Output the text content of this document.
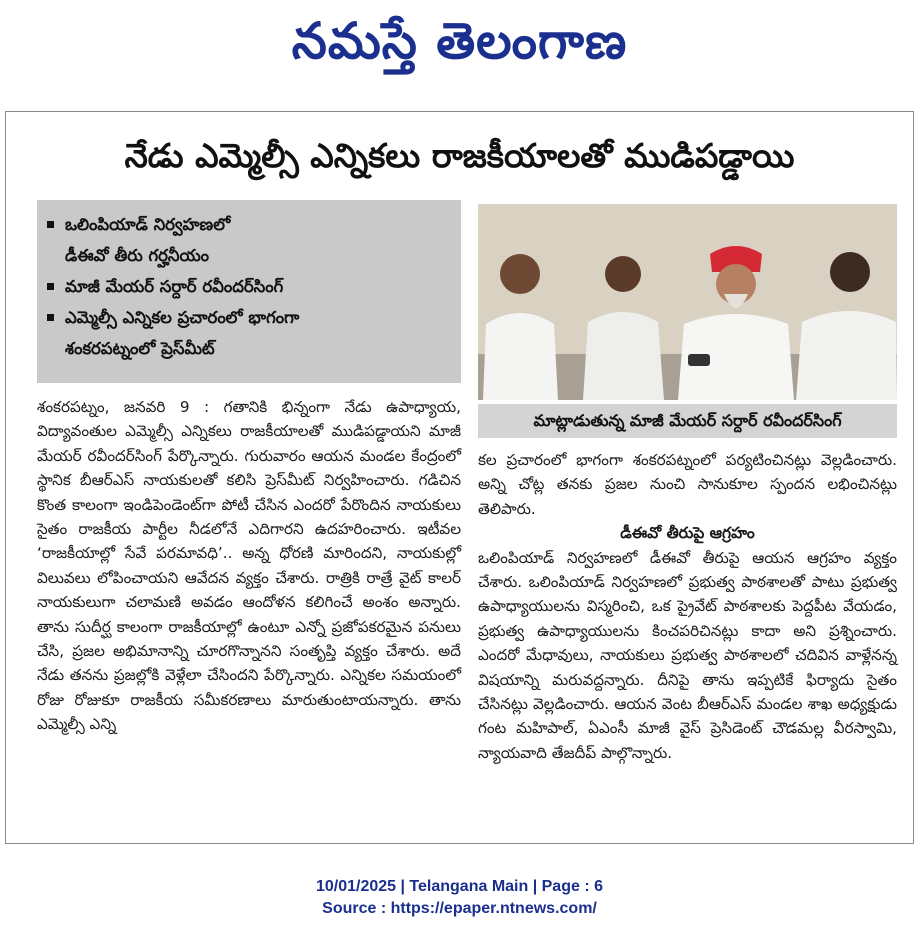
నమస్తే తెలంగాణ
నేడు ఎమ్మెల్సీ ఎన్నికలు రాజకీయాలతో ముడిపడ్డాయి
ఒలింపియాడ్ నిర్వహణలో
డీఈవో తీరు గర్హనీయం
మాజీ మేయర్ సర్దార్ రవీందర్‌సింగ్
ఎమ్మెల్సీ ఎన్నికల ప్రచారంలో భాగంగా
శంకరపట్నంలో ప్రెస్‌మీట్
మాట్లాడుతున్న మాజీ మేయర్ సర్దార్ రవీందర్‌సింగ్
శంకరపట్నం, జనవరి 9 : గతానికి భిన్నంగా నేడు ఉపాధ్యాయ, విద్యావంతుల ఎమ్మెల్సీ ఎన్నికలు రాజకీయాలతో ముడిపడ్డాయని మాజీ మేయర్ రవీందర్‌సింగ్ పేర్కొన్నారు. గురువారం ఆయన మండల కేంద్రంలో స్థానిక బీఆర్‌ఎస్ నాయకులతో కలిసి ప్రెస్‌మీట్ నిర్వహించారు. గడిచిన కొంత కాలంగా ఇండిపెండెంట్‌గా పోటీ చేసిన ఎందరో పేరొందిన నాయకులు సైతం రాజకీయ పార్టీల నీడలోనే ఎదిగారని ఉదహరించారు. ఇటీవల ‘రాజకీయాల్లో సేవే పరమావధి’.. అన్న ధోరణి మారిందని, నాయకుల్లో విలువలు లోపించాయని ఆవేదన వ్యక్తం చేశారు. రాత్రికి రాత్రే వైట్ కాలర్ నాయకులుగా చలామణి అవడం ఆందోళన కలిగించే అంశం అన్నారు. తాను సుదీర్ఘ కాలంగా రాజకీయాల్లో ఉంటూ ఎన్నో ప్రజోపకరమైన పనులు చేసి, ప్రజల అభిమానాన్ని చూరగొన్నానని సంతృప్తి వ్యక్తం చేశారు. అదే నేడు తనను ప్రజల్లోకి వెళ్లేలా చేసిందని పేర్కొన్నారు. ఎన్నికల సమయంలో రోజు రోజుకూ రాజకీయ సమీకరణాలు మారుతుంటాయన్నారు. తాను ఎమ్మెల్సీ ఎన్ని
కల ప్రచారంలో భాగంగా శంకరపట్నంలో పర్యటించినట్లు వెల్లడించారు. అన్ని చోట్ల తనకు ప్రజల నుంచి సానుకూల స్పందన లభించినట్లు తెలిపారు.
డీఈవో తీరుపై ఆగ్రహం
ఒలింపియాడ్ నిర్వహణలో డీఈవో తీరుపై ఆయన ఆగ్రహం వ్యక్తం చేశారు. ఒలింపియాడ్ నిర్వహణలో ప్రభుత్వ పాఠశాలతో పాటు ప్రభుత్వ ఉపాధ్యాయులను విస్మరించి, ఒక ప్రైవేట్ పాఠశాలకు పెద్దపీట వేయడం, ప్రభుత్వ ఉపాధ్యాయులను కించపరిచినట్లు కాదా అని ప్రశ్నించారు. ఎందరో మేధావులు, నాయకులు ప్రభుత్వ పాఠశాలలో చదివిన వాళ్లేనన్న విషయాన్ని మరువద్దన్నారు. దీనిపై తాను ఇప్పటికే ఫిర్యాదు సైతం చేసినట్లు వెల్లడించారు. ఆయన వెంట బీఆర్‌ఎస్ మండల శాఖ అధ్యక్షుడు గంట మహిపాల్, ఏఎంసీ మాజీ వైస్ ప్రెసిడెంట్ చౌడమల్ల వీరస్వామి, న్యాయవాది తేజదీప్ పాల్గొన్నారు.
10/01/2025 | Telangana Main | Page : 6
Source : https://epaper.ntnews.com/
